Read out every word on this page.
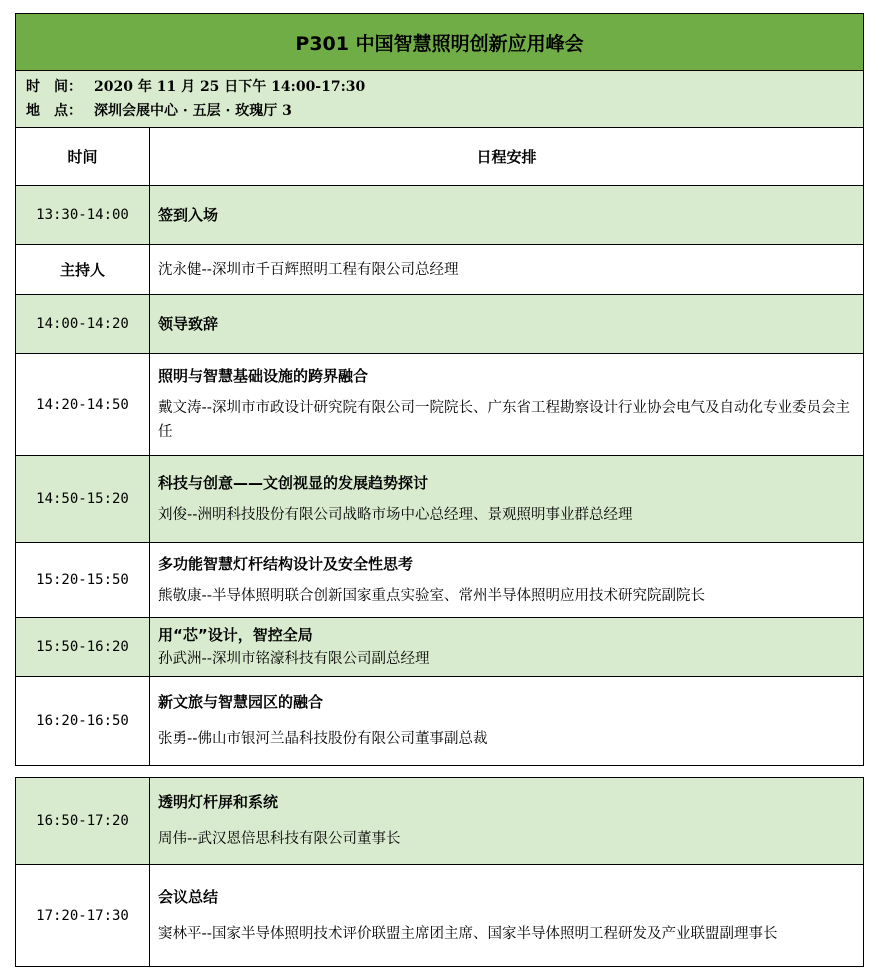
P301 中国智慧照明创新应用峰会	

时　间： 2020 年 11 月 25 日下午 14:00-17:30
地　点： 深圳会展中心 · 五层 · 玫瑰厅 3	

时间	日程安排
13:30-14:00	签到入场

主持人	沈永健--深圳市千百辉照明工程有限公司总经理

14:00-14:20	领导致辞

14:20-14:50	照明与智慧基础设施的跨界融合
戴文涛--深圳市市政设计研究院有限公司一院院长、广东省工程勘察设计行业协会电气及自动化专业委员会主任

14:50-15:20	科技与创意——文创视显的发展趋势探讨
刘俊--洲明科技股份有限公司战略市场中心总经理、景观照明事业群总经理

15:20-15:50	多功能智慧灯杆结构设计及安全性思考
熊敬康--半导体照明联合创新国家重点实验室、常州半导体照明应用技术研究院副院长

15:50-16:20	用“芯”设计，智控全局
孙武洲--深圳市铭濠科技有限公司副总经理

16:20-16:50	新文旅与智慧园区的融合
张勇--佛山市银河兰晶科技股份有限公司董事副总裁
16:50-17:20	透明灯杆屏和系统
周伟--武汉恩倍思科技有限公司董事长

17:20-17:30	会议总结
窦林平--国家半导体照明技术评价联盟主席团主席、国家半导体照明工程研发及产业联盟副理事长
